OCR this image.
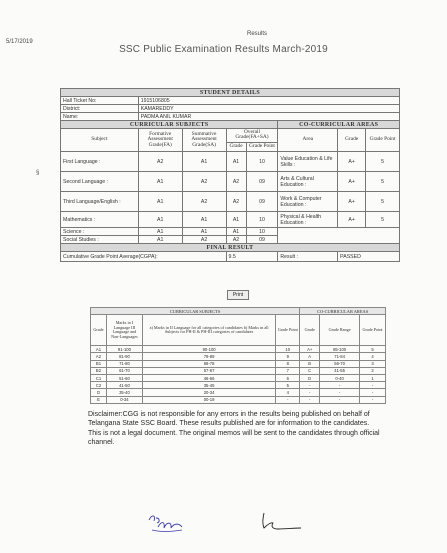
5/17/2019
Results
SSC Public Examination Results March-2019
§
STUDENT DETAILS							
Hall Ticket No:	1915106805						
District:	KAMAREDDY						
Name:	PADMA ANIL KUMAR						
CURRICULAR SUBJECTS					CO-CURRICULAR AREAS		
Subject	Formative Assessment Grade(FA)	Summative Assessment Grade(SA)	Overall Grade(FA+SA)		Area	Grade	Grade Point
			Grade	Grade Point			
First Language :	A2	A1	A1	10	Value Education & Life Skills :	A+	5
Second Language :	A1	A2	A2	09	Arts & Cultural Education :	A+	5
Third Language/English :	A1	A2	A2	09	Work & Computer Education :	A+	5
Mathematics :	A1	A1	A1	10	Physical & Health Education :	A+	5
Science :	A1	A1	A1	10			
Social Studies :	A1	A2	A2	09			
FINAL RESULT							
Cumulative Grade Point Average(CGPA):			9.5		Result :	PASSED	
Print
CURRICULAR SUBJECTS				CO-CURRICULAR AREAS		
Grade	Marks in I Language III Language and Non-Languages	a) Marks in II Language for all categories of candidates b) Marks in all Subjects for PH-II & PH-III categories of candidates	Grade Point	Grade	Grade Range	Grade Point
A1	91-100	90-100	10	A+	85-100	5
A2	81-90	79-89	9	A	71-84	4
B1	71-80	68-78	8	B	56-70	3
B2	61-70	57-67	7	C	41-55	2
C1	51-60	46-56	6	D	0-40	1
C2	41-50	35-45	5	-	-	-
D	35-40	20-34	4	-	-	-
E	0-34	00-19	-	-	-	-
Disclaimer:CGG is not responsible for any errors in the results being published on behalf of Telangana State SSC Board. These results published are for information to the candidates. This is not a legal document. The original memos will be sent to the candidates through official channel.
